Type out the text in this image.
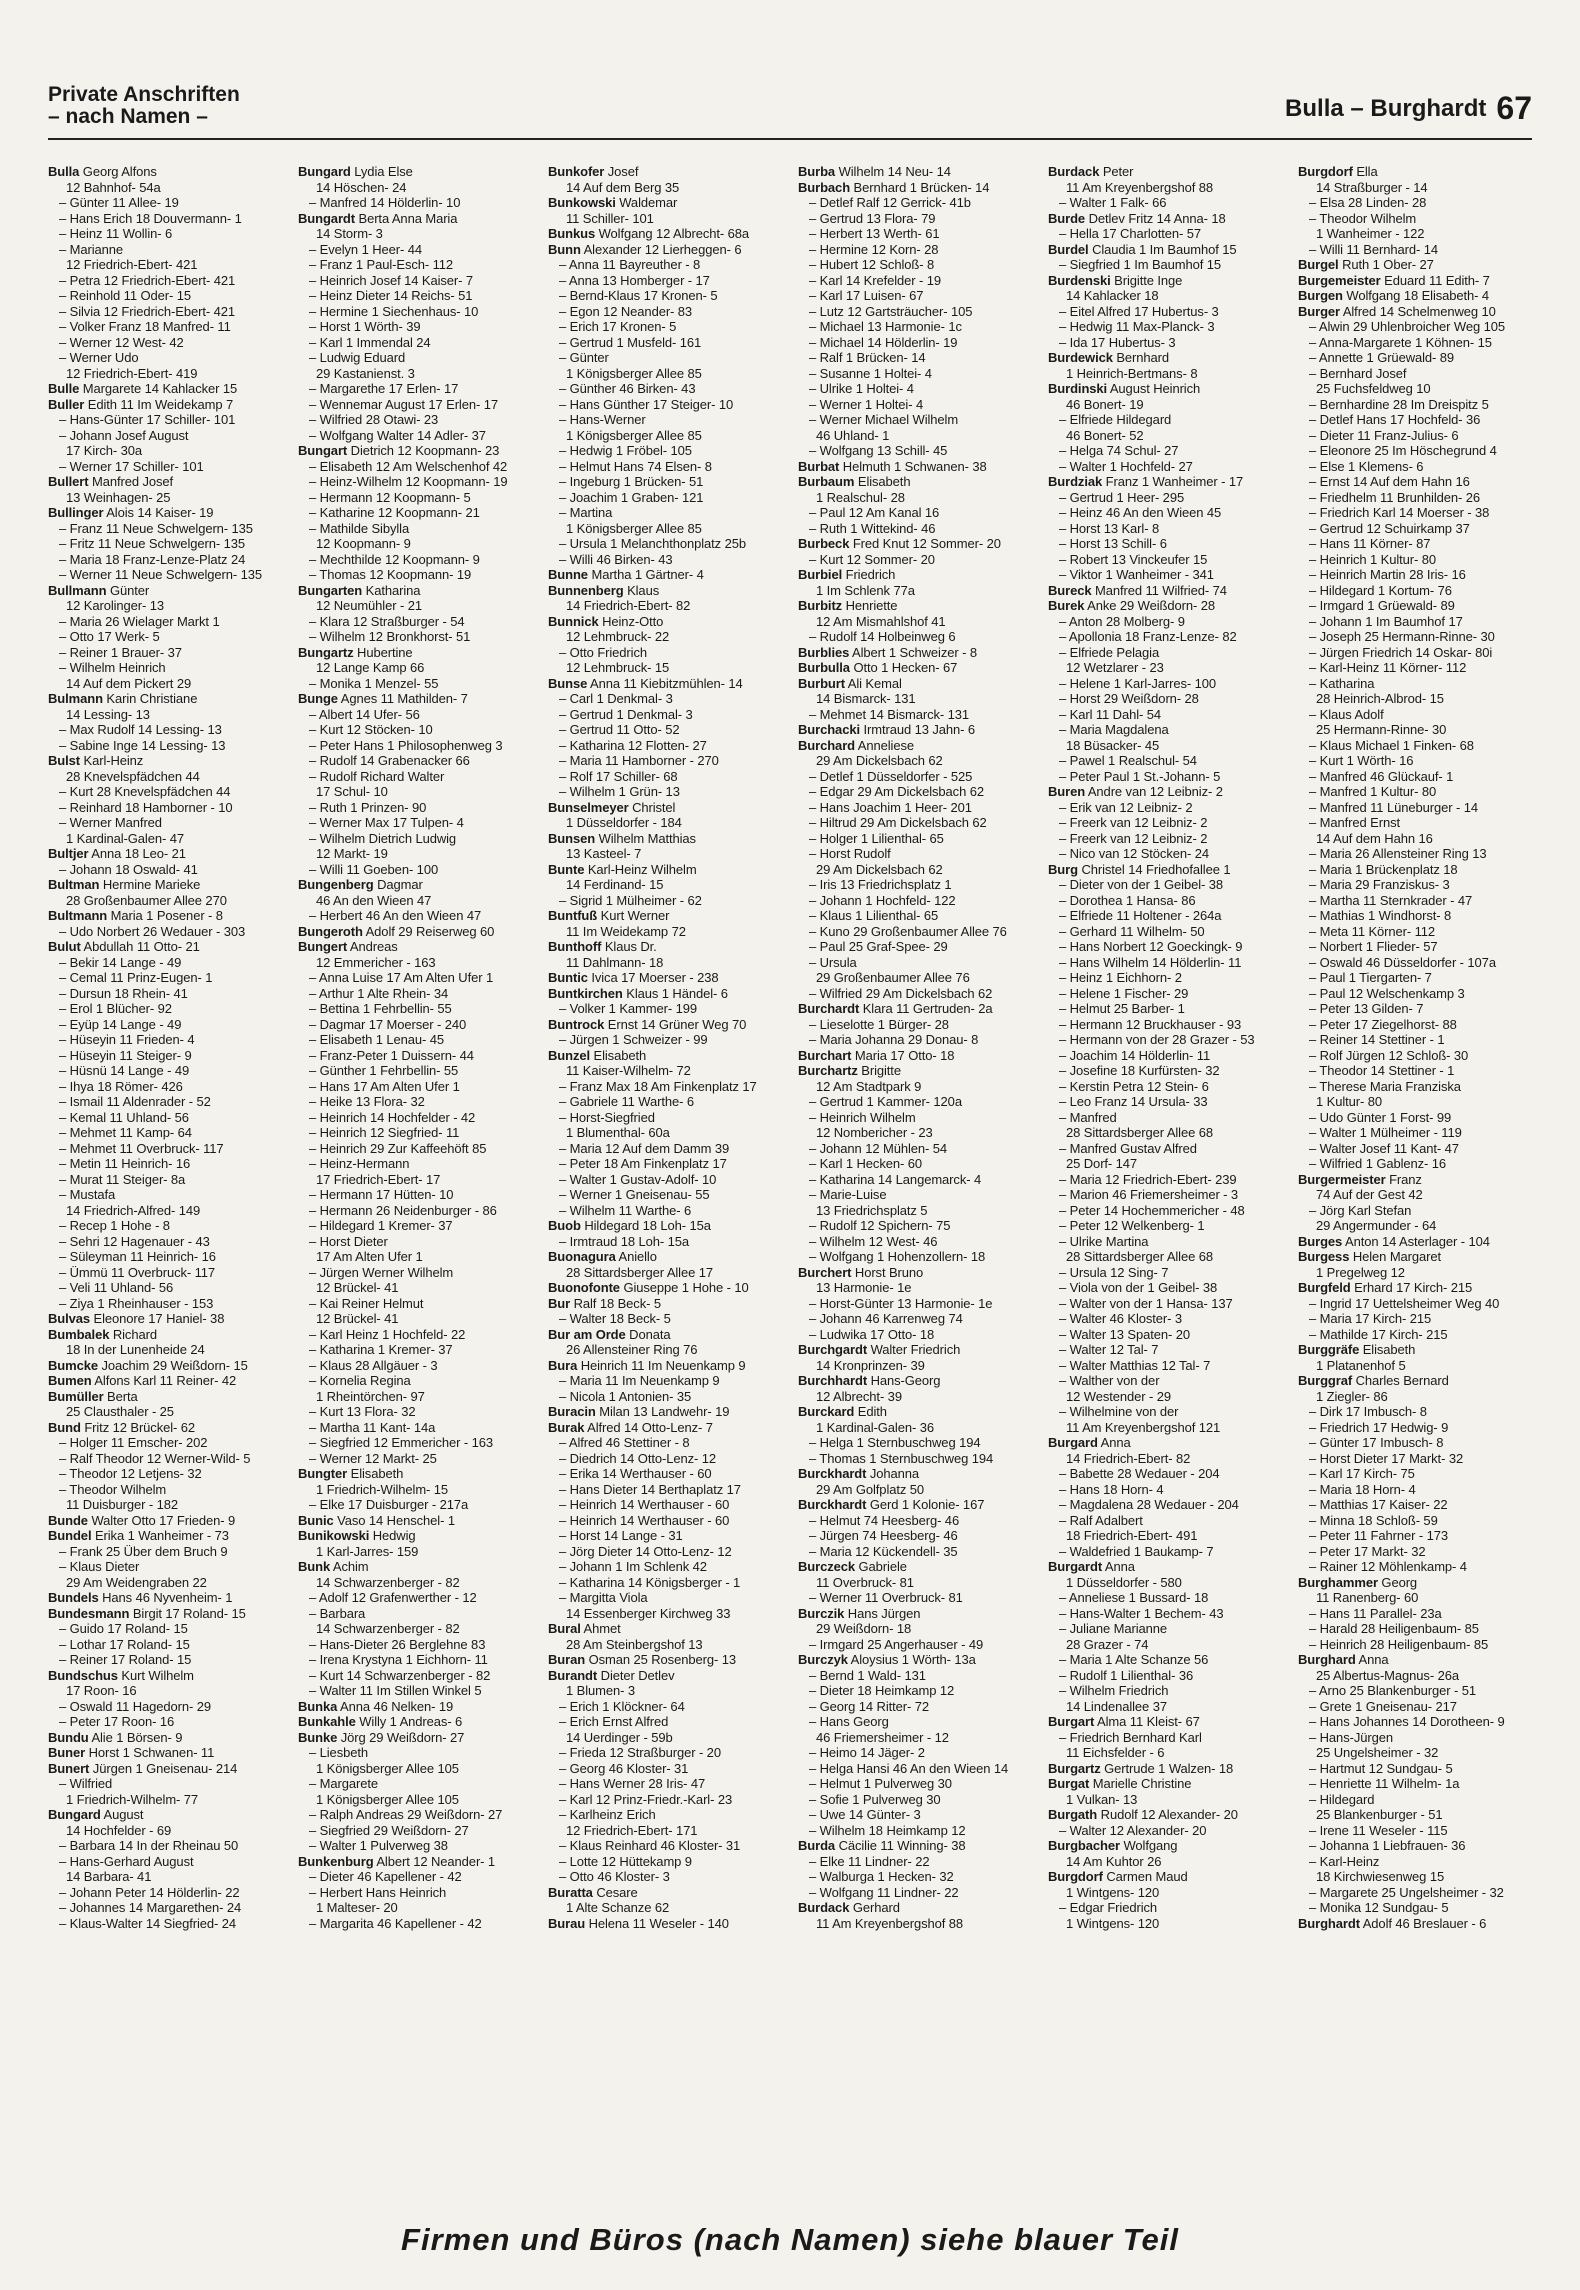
Private Anschriften
– nach Namen –	Bulla – Burghardt 67
Bulla Georg Alfons
12 Bahnhof- 54a
– Günter 11 Allee- 19
– Hans Erich 18 Douvermann- 1
– Heinz 11 Wollin- 6
– Marianne
12 Friedrich-Ebert- 421
– Petra 12 Friedrich-Ebert- 421
– Reinhold 11 Oder- 15
– Silvia 12 Friedrich-Ebert- 421
– Volker Franz 18 Manfred- 11
– Werner 12 West- 42
– Werner Udo
12 Friedrich-Ebert- 419
Bulle Margarete 14 Kahlacker 15
Buller Edith 11 Im Weidekamp 7
– Hans-Günter 17 Schiller- 101
– Johann Josef August
17 Kirch- 30a
– Werner 17 Schiller- 101
Bullert Manfred Josef
13 Weinhagen- 25
Bullinger Alois 14 Kaiser- 19
– Franz 11 Neue Schwelgern- 135
– Fritz 11 Neue Schwelgern- 135
– Maria 18 Franz-Lenze-Platz 24
– Werner 11 Neue Schwelgern- 135
Bullmann Günter
12 Karolinger- 13
– Maria 26 Wielager Markt 1
– Otto 17 Werk- 5
– Reiner 1 Brauer- 37
– Wilhelm Heinrich
14 Auf dem Pickert 29
Bulmann Karin Christiane
14 Lessing- 13
– Max Rudolf 14 Lessing- 13
– Sabine Inge 14 Lessing- 13
Bulst Karl-Heinz
28 Knevelspfädchen 44
– Kurt 28 Knevelspfädchen 44
– Reinhard 18 Hamborner - 10
– Werner Manfred
1 Kardinal-Galen- 47
Bultjer Anna 18 Leo- 21
– Johann 18 Oswald- 41
Bultman Hermine Marieke
28 Großenbaumer Allee 270
Bultmann Maria 1 Posener - 8
– Udo Norbert 26 Wedauer - 303
Bulut Abdullah 11 Otto- 21
– Bekir 14 Lange - 49
– Cemal 11 Prinz-Eugen- 1
– Dursun 18 Rhein- 41
– Erol 1 Blücher- 92
– Eyüp 14 Lange - 49
– Hüseyin 11 Frieden- 4
– Hüseyin 11 Steiger- 9
– Hüsnü 14 Lange - 49
– Ihya 18 Römer- 426
– Ismail 11 Aldenrader - 52
– Kemal 11 Uhland- 56
– Mehmet 11 Kamp- 64
– Mehmet 11 Overbruck- 117
– Metin 11 Heinrich- 16
– Murat 11 Steiger- 8a
– Mustafa
14 Friedrich-Alfred- 149
– Recep 1 Hohe - 8
– Sehri 12 Hagenauer - 43
– Süleyman 11 Heinrich- 16
– Ümmü 11 Overbruck- 117
– Veli 11 Uhland- 56
– Ziya 1 Rheinhauser - 153
Bulvas Eleonore 17 Haniel- 38
Bumbalek Richard
18 In der Lunenheide 24
Bumcke Joachim 29 Weißdorn- 15
Bumen Alfons Karl 11 Reiner- 42
Bumüller Berta
25 Clausthaler - 25
Bund Fritz 12 Brückel- 62
– Holger 11 Emscher- 202
– Ralf Theodor 12 Werner-Wild- 5
– Theodor 12 Letjens- 32
– Theodor Wilhelm
11 Duisburger - 182
Bunde Walter Otto 17 Frieden- 9
Bundel Erika 1 Wanheimer - 73
– Frank 25 Über dem Bruch 9
– Klaus Dieter
29 Am Weidengraben 22
Bundels Hans 46 Nyvenheim- 1
Bundesmann Birgit 17 Roland- 15
– Guido 17 Roland- 15
– Lothar 17 Roland- 15
– Reiner 17 Roland- 15
Bundschus Kurt Wilhelm
17 Roon- 16
– Oswald 11 Hagedorn- 29
– Peter 17 Roon- 16
Bundu Alie 1 Börsen- 9
Buner Horst 1 Schwanen- 11
Bunert Jürgen 1 Gneisenau- 214
– Wilfried
1 Friedrich-Wilhelm- 77
Bungard August
14 Hochfelder - 69
– Barbara 14 In der Rheinau 50
– Hans-Gerhard August
14 Barbara- 41
– Johann Peter 14 Hölderlin- 22
– Johannes 14 Margarethen- 24
– Klaus-Walter 14 Siegfried- 24
Bungard Lydia Else
14 Höschen- 24
– Manfred 14 Hölderlin- 10
Bungardt Berta Anna Maria
14 Storm- 3
– Evelyn 1 Heer- 44
– Franz 1 Paul-Esch- 112
– Heinrich Josef 14 Kaiser- 7
– Heinz Dieter 14 Reichs- 51
– Hermine 1 Siechenhaus- 10
– Horst 1 Wörth- 39
– Karl 1 Immendal 24
– Ludwig Eduard
29 Kastanienst. 3
– Margarethe 17 Erlen- 17
– Wennemar August 17 Erlen- 17
– Wilfried 28 Otawi- 23
– Wolfgang Walter 14 Adler- 37
Bungart Dietrich 12 Koopmann- 23
– Elisabeth 12 Am Welschenhof 42
– Heinz-Wilhelm 12 Koopmann- 19
– Hermann 12 Koopmann- 5
– Katharine 12 Koopmann- 21
– Mathilde Sibylla
12 Koopmann- 9
– Mechthilde 12 Koopmann- 9
– Thomas 12 Koopmann- 19
Bungarten Katharina
12 Neumühler - 21
– Klara 12 Straßburger - 54
– Wilhelm 12 Bronkhorst- 51
Bungartz Hubertine
12 Lange Kamp 66
– Monika 1 Menzel- 55
Bunge Agnes 11 Mathilden- 7
– Albert 14 Ufer- 56
– Kurt 12 Stöcken- 10
– Peter Hans 1 Philosophenweg 3
– Rudolf 14 Grabenacker 66
– Rudolf Richard Walter
17 Schul- 10
– Ruth 1 Prinzen- 90
– Werner Max 17 Tulpen- 4
– Wilhelm Dietrich Ludwig
12 Markt- 19
– Willi 11 Goeben- 100
Bungenberg Dagmar
46 An den Wieen 47
– Herbert 46 An den Wieen 47
Bungeroth Adolf 29 Reiserweg 60
Bungert Andreas
12 Emmericher - 163
– Anna Luise 17 Am Alten Ufer 1
– Arthur 1 Alte Rhein- 34
– Bettina 1 Fehrbellin- 55
– Dagmar 17 Moerser - 240
– Elisabeth 1 Lenau- 45
– Franz-Peter 1 Duissern- 44
– Günther 1 Fehrbellin- 55
– Hans 17 Am Alten Ufer 1
– Heike 13 Flora- 32
– Heinrich 14 Hochfelder - 42
– Heinrich 12 Siegfried- 11
– Heinrich 29 Zur Kaffeehöft 85
– Heinz-Hermann
17 Friedrich-Ebert- 17
– Hermann 17 Hütten- 10
– Hermann 26 Neidenburger - 86
– Hildegard 1 Kremer- 37
– Horst Dieter
17 Am Alten Ufer 1
– Jürgen Werner Wilhelm
12 Brückel- 41
– Kai Reiner Helmut
12 Brückel- 41
– Karl Heinz 1 Hochfeld- 22
– Katharina 1 Kremer- 37
– Klaus 28 Allgäuer - 3
– Kornelia Regina
1 Rheintörchen- 97
– Kurt 13 Flora- 32
– Martha 11 Kant- 14a
– Siegfried 12 Emmericher - 163
– Werner 12 Markt- 25
Bungter Elisabeth
1 Friedrich-Wilhelm- 15
– Elke 17 Duisburger - 217a
Bunic Vaso 14 Henschel- 1
Bunikowski Hedwig
1 Karl-Jarres- 159
Bunk Achim
14 Schwarzenberger - 82
– Adolf 12 Grafenwerther - 12
– Barbara
14 Schwarzenberger - 82
– Hans-Dieter 26 Berglehne 83
– Irena Krystyna 1 Eichhorn- 11
– Kurt 14 Schwarzenberger - 82
– Walter 11 Im Stillen Winkel 5
Bunka Anna 46 Nelken- 19
Bunkahle Willy 1 Andreas- 6
Bunke Jörg 29 Weißdorn- 27
– Liesbeth
1 Königsberger Allee 105
– Margarete
1 Königsberger Allee 105
– Ralph Andreas 29 Weißdorn- 27
– Siegfried 29 Weißdorn- 27
– Walter 1 Pulverweg 38
Bunkenburg Albert 12 Neander- 1
– Dieter 46 Kapellener - 42
– Herbert Hans Heinrich
1 Malteser- 20
– Margarita 46 Kapellener - 42
Bunkofer Josef
14 Auf dem Berg 35
Bunkowski Waldemar
11 Schiller- 101
Bunkus Wolfgang 12 Albrecht- 68a
Bunn Alexander 12 Lierheggen- 6
– Anna 11 Bayreuther - 8
– Anna 13 Homberger - 17
– Bernd-Klaus 17 Kronen- 5
– Egon 12 Neander- 83
– Erich 17 Kronen- 5
– Gertrud 1 Musfeld- 161
– Günter
1 Königsberger Allee 85
– Günther 46 Birken- 43
– Hans Günther 17 Steiger- 10
– Hans-Werner
1 Königsberger Allee 85
– Hedwig 1 Fröbel- 105
– Helmut Hans 74 Elsen- 8
– Ingeburg 1 Brücken- 51
– Joachim 1 Graben- 121
– Martina
1 Königsberger Allee 85
– Ursula 1 Melanchthonplatz 25b
– Willi 46 Birken- 43
Bunne Martha 1 Gärtner- 4
Bunnenberg Klaus
14 Friedrich-Ebert- 82
Bunnick Heinz-Otto
12 Lehmbruck- 22
– Otto Friedrich
12 Lehmbruck- 15
Bunse Anna 11 Kiebitzmühlen- 14
– Carl 1 Denkmal- 3
– Gertrud 1 Denkmal- 3
– Gertrud 11 Otto- 52
– Katharina 12 Flotten- 27
– Maria 11 Hamborner - 270
– Rolf 17 Schiller- 68
– Wilhelm 1 Grün- 13
Bunselmeyer Christel
1 Düsseldorfer - 184
Bunsen Wilhelm Matthias
13 Kasteel- 7
Bunte Karl-Heinz Wilhelm
14 Ferdinand- 15
– Sigrid 1 Mülheimer - 62
Buntfuß Kurt Werner
11 Im Weidekamp 72
Bunthoff Klaus Dr.
11 Dahlmann- 18
Buntic Ivica 17 Moerser - 238
Buntkirchen Klaus 1 Händel- 6
– Volker 1 Kammer- 199
Buntrock Ernst 14 Grüner Weg 70
– Jürgen 1 Schweizer - 99
Bunzel Elisabeth
11 Kaiser-Wilhelm- 72
– Franz Max 18 Am Finkenplatz 17
– Gabriele 11 Warthe- 6
– Horst-Siegfried
1 Blumenthal- 60a
– Maria 12 Auf dem Damm 39
– Peter 18 Am Finkenplatz 17
– Walter 1 Gustav-Adolf- 10
– Werner 1 Gneisenau- 55
– Wilhelm 11 Warthe- 6
Buob Hildegard 18 Loh- 15a
– Irmtraud 18 Loh- 15a
Buonagura Aniello
28 Sittardsberger Allee 17
Buonofonte Giuseppe 1 Hohe - 10
Bur Ralf 18 Beck- 5
– Walter 18 Beck- 5
Bur am Orde Donata
26 Allensteiner Ring 76
Bura Heinrich 11 Im Neuenkamp 9
– Maria 11 Im Neuenkamp 9
– Nicola 1 Antonien- 35
Buracin Milan 13 Landwehr- 19
Burak Alfred 14 Otto-Lenz- 7
– Alfred 46 Stettiner - 8
– Diedrich 14 Otto-Lenz- 12
– Erika 14 Werthauser - 60
– Hans Dieter 14 Berthaplatz 17
– Heinrich 14 Werthauser - 60
– Heinrich 14 Werthauser - 60
– Horst 14 Lange - 31
– Jörg Dieter 14 Otto-Lenz- 12
– Johann 1 Im Schlenk 42
– Katharina 14 Königsberger - 1
– Margitta Viola
14 Essenberger Kirchweg 33
Bural Ahmet
28 Am Steinbergshof 13
Buran Osman 25 Rosenberg- 13
Burandt Dieter Detlev
1 Blumen- 3
– Erich 1 Klöckner- 64
– Erich Ernst Alfred
14 Uerdinger - 59b
– Frieda 12 Straßburger - 20
– Georg 46 Kloster- 31
– Hans Werner 28 Iris- 47
– Karl 12 Prinz-Friedr.-Karl- 23
– Karlheinz Erich
12 Friedrich-Ebert- 171
– Klaus Reinhard 46 Kloster- 31
– Lotte 12 Hüttekamp 9
– Otto 46 Kloster- 3
Buratta Cesare
1 Alte Schanze 62
Burau Helena 11 Weseler - 140
Burba Wilhelm 14 Neu- 14
Burbach Bernhard 1 Brücken- 14
– Detlef Ralf 12 Gerrick- 41b
– Gertrud 13 Flora- 79
– Herbert 13 Werth- 61
– Hermine 12 Korn- 28
– Hubert 12 Schloß- 8
– Karl 14 Krefelder - 19
– Karl 17 Luisen- 67
– Lutz 12 Gartsträucher- 105
– Michael 13 Harmonie- 1c
– Michael 14 Hölderlin- 19
– Ralf 1 Brücken- 14
– Susanne 1 Holtei- 4
– Ulrike 1 Holtei- 4
– Werner 1 Holtei- 4
– Werner Michael Wilhelm
46 Uhland- 1
– Wolfgang 13 Schill- 45
Burbat Helmuth 1 Schwanen- 38
Burbaum Elisabeth
1 Realschul- 28
– Paul 12 Am Kanal 16
– Ruth 1 Wittekind- 46
Burbeck Fred Knut 12 Sommer- 20
– Kurt 12 Sommer- 20
Burbiel Friedrich
1 Im Schlenk 77a
Burbitz Henriette
12 Am Mismahlshof 41
– Rudolf 14 Holbeinweg 6
Burblies Albert 1 Schweizer - 8
Burbulla Otto 1 Hecken- 67
Burburt Ali Kemal
14 Bismarck- 131
– Mehmet 14 Bismarck- 131
Burchacki Irmtraud 13 Jahn- 6
Burchard Anneliese
29 Am Dickelsbach 62
– Detlef 1 Düsseldorfer - 525
– Edgar 29 Am Dickelsbach 62
– Hans Joachim 1 Heer- 201
– Hiltrud 29 Am Dickelsbach 62
– Holger 1 Lilienthal- 65
– Horst Rudolf
29 Am Dickelsbach 62
– Iris 13 Friedrichsplatz 1
– Johann 1 Hochfeld- 122
– Klaus 1 Lilienthal- 65
– Kuno 29 Großenbaumer Allee 76
– Paul 25 Graf-Spee- 29
– Ursula
29 Großenbaumer Allee 76
– Wilfried 29 Am Dickelsbach 62
Burchardt Klara 11 Gertruden- 2a
– Lieselotte 1 Bürger- 28
– Maria Johanna 29 Donau- 8
Burchart Maria 17 Otto- 18
Burchartz Brigitte
12 Am Stadtpark 9
– Gertrud 1 Kammer- 120a
– Heinrich Wilhelm
12 Nombericher - 23
– Johann 12 Mühlen- 54
– Karl 1 Hecken- 60
– Katharina 14 Langemarck- 4
– Marie-Luise
13 Friedrichsplatz 5
– Rudolf 12 Spichern- 75
– Wilhelm 12 West- 46
– Wolfgang 1 Hohenzollern- 18
Burchert Horst Bruno
13 Harmonie- 1e
– Horst-Günter 13 Harmonie- 1e
– Johann 46 Karrenweg 74
– Ludwika 17 Otto- 18
Burchgardt Walter Friedrich
14 Kronprinzen- 39
Burchhardt Hans-Georg
12 Albrecht- 39
Burckard Edith
1 Kardinal-Galen- 36
– Helga 1 Sternbuschweg 194
– Thomas 1 Sternbuschweg 194
Burckhardt Johanna
29 Am Golfplatz 50
Burckhardt Gerd 1 Kolonie- 167
– Helmut 74 Heesberg- 46
– Jürgen 74 Heesberg- 46
– Maria 12 Kückendell- 35
Burczeck Gabriele
11 Overbruck- 81
– Werner 11 Overbruck- 81
Burczik Hans Jürgen
29 Weißdorn- 18
– Irmgard 25 Angerhauser - 49
Burczyk Aloysius 1 Wörth- 13a
– Bernd 1 Wald- 131
– Dieter 18 Heimkamp 12
– Georg 14 Ritter- 72
– Hans Georg
46 Friemersheimer - 12
– Heimo 14 Jäger- 2
– Helga Hansi 46 An den Wieen 14
– Helmut 1 Pulverweg 30
– Sofie 1 Pulverweg 30
– Uwe 14 Günter- 3
– Wilhelm 18 Heimkamp 12
Burda Cäcilie 11 Winning- 38
– Elke 11 Lindner- 22
– Walburga 1 Hecken- 32
– Wolfgang 11 Lindner- 22
Burdack Gerhard
11 Am Kreyenbergshof 88
Burdack Peter
11 Am Kreyenbergshof 88
– Walter 1 Falk- 66
Burde Detlev Fritz 14 Anna- 18
– Hella 17 Charlotten- 57
Burdel Claudia 1 Im Baumhof 15
– Siegfried 1 Im Baumhof 15
Burdenski Brigitte Inge
14 Kahlacker 18
– Eitel Alfred 17 Hubertus- 3
– Hedwig 11 Max-Planck- 3
– Ida 17 Hubertus- 3
Burdewick Bernhard
1 Heinrich-Bertmans- 8
Burdinski August Heinrich
46 Bonert- 19
– Elfriede Hildegard
46 Bonert- 52
– Helga 74 Schul- 27
– Walter 1 Hochfeld- 27
Burdziak Franz 1 Wanheimer - 17
– Gertrud 1 Heer- 295
– Heinz 46 An den Wieen 45
– Horst 13 Karl- 8
– Horst 13 Schill- 6
– Robert 13 Vinckeufer 15
– Viktor 1 Wanheimer - 341
Bureck Manfred 11 Wilfried- 74
Burek Anke 29 Weißdorn- 28
– Anton 28 Molberg- 9
– Apollonia 18 Franz-Lenze- 82
– Elfriede Pelagia
12 Wetzlarer - 23
– Helene 1 Karl-Jarres- 100
– Horst 29 Weißdorn- 28
– Karl 11 Dahl- 54
– Maria Magdalena
18 Büsacker- 45
– Pawel 1 Realschul- 54
– Peter Paul 1 St.-Johann- 5
Buren Andre van 12 Leibniz- 2
– Erik van 12 Leibniz- 2
– Freerk van 12 Leibniz- 2
– Freerk van 12 Leibniz- 2
– Nico van 12 Stöcken- 24
Burg Christel 14 Friedhofallee 1
– Dieter von der 1 Geibel- 38
– Dorothea 1 Hansa- 86
– Elfriede 11 Holtener - 264a
– Gerhard 11 Wilhelm- 50
– Hans Norbert 12 Goeckingk- 9
– Hans Wilhelm 14 Hölderlin- 11
– Heinz 1 Eichhorn- 2
– Helene 1 Fischer- 29
– Helmut 25 Barber- 1
– Hermann 12 Bruckhauser - 93
– Hermann von der 28 Grazer - 53
– Joachim 14 Hölderlin- 11
– Josefine 18 Kurfürsten- 32
– Kerstin Petra 12 Stein- 6
– Leo Franz 14 Ursula- 33
– Manfred
28 Sittardsberger Allee 68
– Manfred Gustav Alfred
25 Dorf- 147
– Maria 12 Friedrich-Ebert- 239
– Marion 46 Friemersheimer - 3
– Peter 14 Hochemmericher - 48
– Peter 12 Welkenberg- 1
– Ulrike Martina
28 Sittardsberger Allee 68
– Ursula 12 Sing- 7
– Viola von der 1 Geibel- 38
– Walter von der 1 Hansa- 137
– Walter 46 Kloster- 3
– Walter 13 Spaten- 20
– Walter 12 Tal- 7
– Walter Matthias 12 Tal- 7
– Walther von der
12 Westender - 29
– Wilhelmine von der
11 Am Kreyenbergshof 121
Burgard Anna
14 Friedrich-Ebert- 82
– Babette 28 Wedauer - 204
– Hans 18 Horn- 4
– Magdalena 28 Wedauer - 204
– Ralf Adalbert
18 Friedrich-Ebert- 491
– Waldefried 1 Baukamp- 7
Burgardt Anna
1 Düsseldorfer - 580
– Anneliese 1 Bussard- 18
– Hans-Walter 1 Bechem- 43
– Juliane Marianne
28 Grazer - 74
– Maria 1 Alte Schanze 56
– Rudolf 1 Lilienthal- 36
– Wilhelm Friedrich
14 Lindenallee 37
Burgart Alma 11 Kleist- 67
– Friedrich Bernhard Karl
11 Eichsfelder - 6
Burgartz Gertrude 1 Walzen- 18
Burgat Marielle Christine
1 Vulkan- 13
Burgath Rudolf 12 Alexander- 20
– Walter 12 Alexander- 20
Burgbacher Wolfgang
14 Am Kuhtor 26
Burgdorf Carmen Maud
1 Wintgens- 120
– Edgar Friedrich
1 Wintgens- 120
Burgdorf Ella
14 Straßburger - 14
– Elsa 28 Linden- 28
– Theodor Wilhelm
1 Wanheimer - 122
– Willi 11 Bernhard- 14
Burgel Ruth 1 Ober- 27
Burgemeister Eduard 11 Edith- 7
Burgen Wolfgang 18 Elisabeth- 4
Burger Alfred 14 Schelmenweg 10
– Alwin 29 Uhlenbroicher Weg 105
– Anna-Margarete 1 Köhnen- 15
– Annette 1 Grüewald- 89
– Bernhard Josef
25 Fuchsfeldweg 10
– Bernhardine 28 Im Dreispitz 5
– Detlef Hans 17 Hochfeld- 36
– Dieter 11 Franz-Julius- 6
– Eleonore 25 Im Höschegrund 4
– Else 1 Klemens- 6
– Ernst 14 Auf dem Hahn 16
– Friedhelm 11 Brunhilden- 26
– Friedrich Karl 14 Moerser - 38
– Gertrud 12 Schuirkamp 37
– Hans 11 Körner- 87
– Heinrich 1 Kultur- 80
– Heinrich Martin 28 Iris- 16
– Hildegard 1 Kortum- 76
– Irmgard 1 Grüewald- 89
– Johann 1 Im Baumhof 17
– Joseph 25 Hermann-Rinne- 30
– Jürgen Friedrich 14 Oskar- 80i
– Karl-Heinz 11 Körner- 112
– Katharina
28 Heinrich-Albrod- 15
– Klaus Adolf
25 Hermann-Rinne- 30
– Klaus Michael 1 Finken- 68
– Kurt 1 Wörth- 16
– Manfred 46 Glückauf- 1
– Manfred 1 Kultur- 80
– Manfred 11 Lüneburger - 14
– Manfred Ernst
14 Auf dem Hahn 16
– Maria 26 Allensteiner Ring 13
– Maria 1 Brückenplatz 18
– Maria 29 Franziskus- 3
– Martha 11 Sternkrader - 47
– Mathias 1 Windhorst- 8
– Meta 11 Körner- 112
– Norbert 1 Flieder- 57
– Oswald 46 Düsseldorfer - 107a
– Paul 1 Tiergarten- 7
– Paul 12 Welschenkamp 3
– Peter 13 Gilden- 7
– Peter 17 Ziegelhorst- 88
– Reiner 14 Stettiner - 1
– Rolf Jürgen 12 Schloß- 30
– Theodor 14 Stettiner - 1
– Therese Maria Franziska
1 Kultur- 80
– Udo Günter 1 Forst- 99
– Walter 1 Mülheimer - 119
– Walter Josef 11 Kant- 47
– Wilfried 1 Gablenz- 16
Burgermeister Franz
74 Auf der Gest 42
– Jörg Karl Stefan
29 Angermunder - 64
Burges Anton 14 Asterlager - 104
Burgess Helen Margaret
1 Pregelweg 12
Burgfeld Erhard 17 Kirch- 215
– Ingrid 17 Uettelsheimer Weg 40
– Maria 17 Kirch- 215
– Mathilde 17 Kirch- 215
Burggräfe Elisabeth
1 Platanenhof 5
Burggraf Charles Bernard
1 Ziegler- 86
– Dirk 17 Imbusch- 8
– Friedrich 17 Hedwig- 9
– Günter 17 Imbusch- 8
– Horst Dieter 17 Markt- 32
– Karl 17 Kirch- 75
– Maria 18 Horn- 4
– Matthias 17 Kaiser- 22
– Minna 18 Schloß- 59
– Peter 11 Fahrner - 173
– Peter 17 Markt- 32
– Rainer 12 Möhlenkamp- 4
Burghammer Georg
11 Ranenberg- 60
– Hans 11 Parallel- 23a
– Harald 28 Heiligenbaum- 85
– Heinrich 28 Heiligenbaum- 85
Burghard Anna
25 Albertus-Magnus- 26a
– Arno 25 Blankenburger - 51
– Grete 1 Gneisenau- 217
– Hans Johannes 14 Dorotheen- 9
– Hans-Jürgen
25 Ungelsheimer - 32
– Hartmut 12 Sundgau- 5
– Henriette 11 Wilhelm- 1a
– Hildegard
25 Blankenburger - 51
– Irene 11 Weseler - 115
– Johanna 1 Liebfrauen- 36
– Karl-Heinz
18 Kirchwiesenweg 15
– Margarete 25 Ungelsheimer - 32
– Monika 12 Sundgau- 5
Burghardt Adolf 46 Breslauer - 6
Firmen und Büros (nach Namen) siehe blauer Teil
